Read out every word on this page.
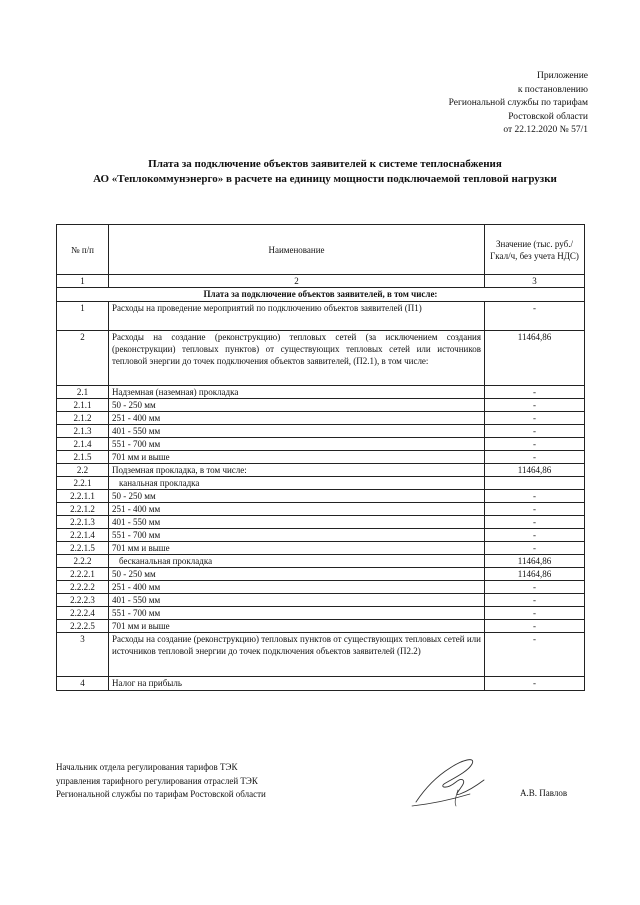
Приложение
к постановлению
Региональной службы по тарифам
Ростовской области
от 22.12.2020 № 57/1
Плата за подключение объектов заявителей к системе теплоснабжения
АО «Теплокоммунэнерго» в расчете на единицу мощности подключаемой тепловой нагрузки
№ п/п	Наименование	Значение (тыс. руб./Гкал/ч, без учета НДС)
1	2	3
Плата за подключение объектов заявителей, в том числе:		
1	Расходы на проведение мероприятий по подключению объектов заявителей (П1)	-
2	Расходы на создание (реконструкцию) тепловых сетей (за исключением создания (реконструкции) тепловых пунктов) от существующих тепловых сетей или источников тепловой энергии до точек подключения объектов заявителей, (П2.1), в том числе:	11464,86
2.1	Надземная (наземная) прокладка	-
2.1.1	50 - 250 мм	-
2.1.2	251 - 400 мм	-
2.1.3	401 - 550 мм	-
2.1.4	551 - 700 мм	-
2.1.5	701 мм и выше	-
2.2	Подземная прокладка, в том числе:	11464,86
2.2.1	канальная прокладка	
2.2.1.1	50 - 250 мм	-
2.2.1.2	251 - 400 мм	-
2.2.1.3	401 - 550 мм	-
2.2.1.4	551 - 700 мм	-
2.2.1.5	701 мм и выше	-
2.2.2	бесканальная прокладка	11464,86
2.2.2.1	50 - 250 мм	11464,86
2.2.2.2	251 - 400 мм	-
2.2.2.3	401 - 550 мм	-
2.2.2.4	551 - 700 мм	-
2.2.2.5	701 мм и выше	-
3	Расходы на создание (реконструкцию) тепловых пунктов от существующих тепловых сетей или источников тепловой энергии до точек подключения объектов заявителей (П2.2)	-
4	Налог на прибыль	-
Начальник отдела регулирования тарифов ТЭК
управления тарифного регулирования отраслей ТЭК
Региональной службы по тарифам Ростовской области	А.В. Павлов
